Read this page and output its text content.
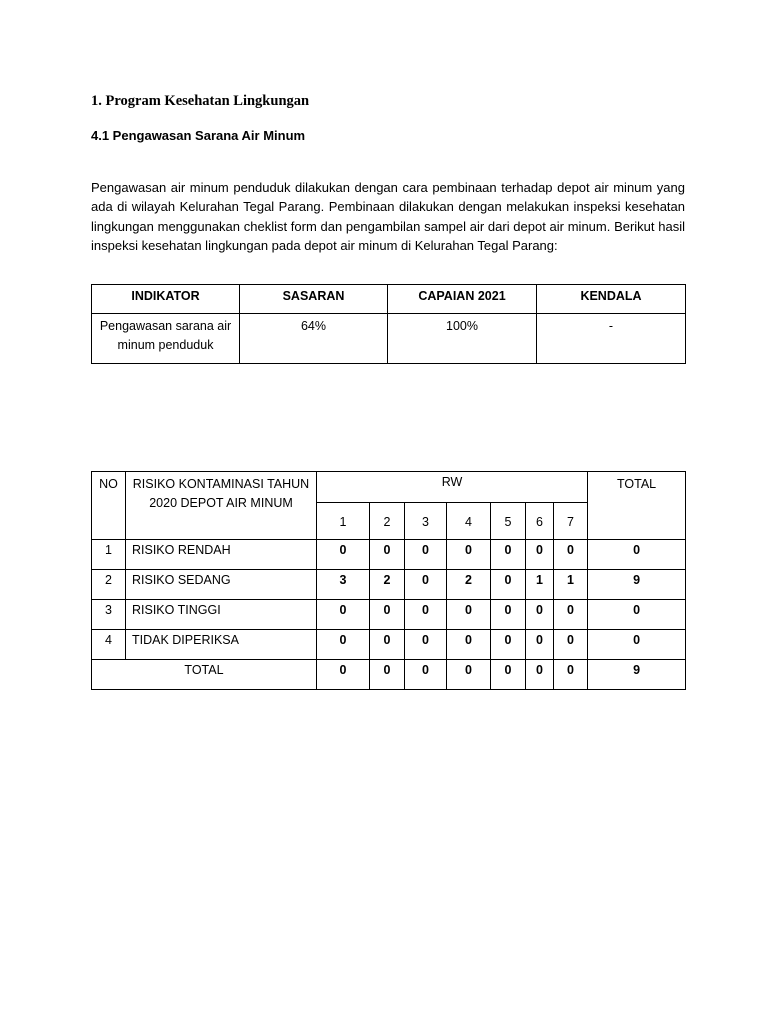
1. Program Kesehatan Lingkungan

4.1 Pengawasan Sarana Air Minum

Pengawasan air minum penduduk dilakukan dengan cara pembinaan terhadap depot air minum yang ada di wilayah Kelurahan Tegal Parang. Pembinaan dilakukan dengan melakukan inspeksi kesehatan lingkungan menggunakan cheklist form dan pengambilan sampel air dari depot air minum. Berikut hasil inspeksi kesehatan lingkungan pada depot air minum di Kelurahan Tegal Parang:

INDIKATOR	SASARAN	CAPAIAN 2021	KENDALA
Pengawasan sarana air minum penduduk	64%	100%	-
NO	RISIKO KONTAMINASI TAHUN 2020 DEPOT AIR MINUM	RW							TOTAL
		1	2	3	4	5	6	7	
1	RISIKO RENDAH	0	0	0	0	0	0	0	0
2	RISIKO SEDANG	3	2	0	2	0	1	1	9
3	RISIKO TINGGI	0	0	0	0	0	0	0	0
4	TIDAK DIPERIKSA	0	0	0	0	0	0	0	0
TOTAL		0	0	0	0	0	0	0	9
